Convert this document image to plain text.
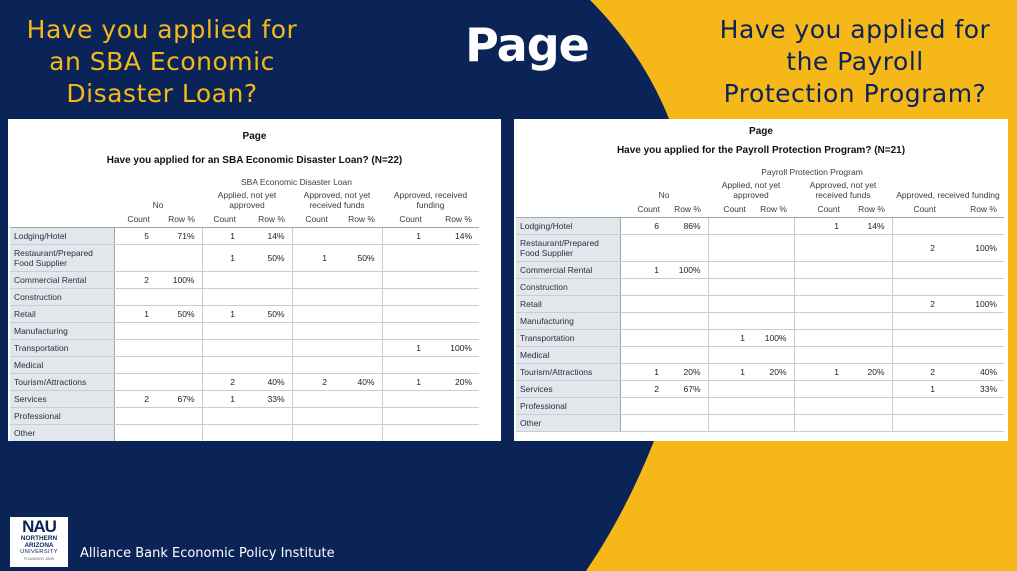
Have you applied for
an SBA Economic
Disaster Loan?
Page	Have you applied for
the Payroll
Protection Program?
Page
Have you applied for an SBA Economic Disaster Loan? (N=22)
	SBA Economic Disaster Loan							
	No		Applied, not yet approved		Approved, not yet received funds		Approved, received funding	
	Count	Row %	Count	Row %	Count	Row %	Count	Row %
Lodging/Hotel	5	71%	1	14%			1	14%
Restaurant/Prepared Food Supplier			1	50%	1	50%		
Commercial Rental	2	100%						
Construction								
Retail	1	50%	1	50%				
Manufacturing								
Transportation							1	100%
Medical								
Tourism/Attractions			2	40%	2	40%	1	20%
Services	2	67%	1	33%				
Professional								
Other								
Page
Have you applied for the Payroll Protection Program? (N=21)
	Payroll Protection Program							
	No		Applied, not yet approved		Approved, not yet received funds		Approved, received funding	
	Count	Row %	Count	Row %	Count	Row %	Count	Row %
Lodging/Hotel	6	86%			1	14%		
Restaurant/Prepared Food Supplier							2	100%
Commercial Rental	1	100%						
Construction								
Retail							2	100%
Manufacturing								
Transportation			1	100%				
Medical								
Tourism/Attractions	1	20%	1	20%	1	20%	2	40%
Services	2	67%					1	33%
Professional								
Other								
NAU
NORTHERN
ARIZONA
UNIVERSITY
FOUNDED 1899	Alliance Bank Economic Policy Institute
